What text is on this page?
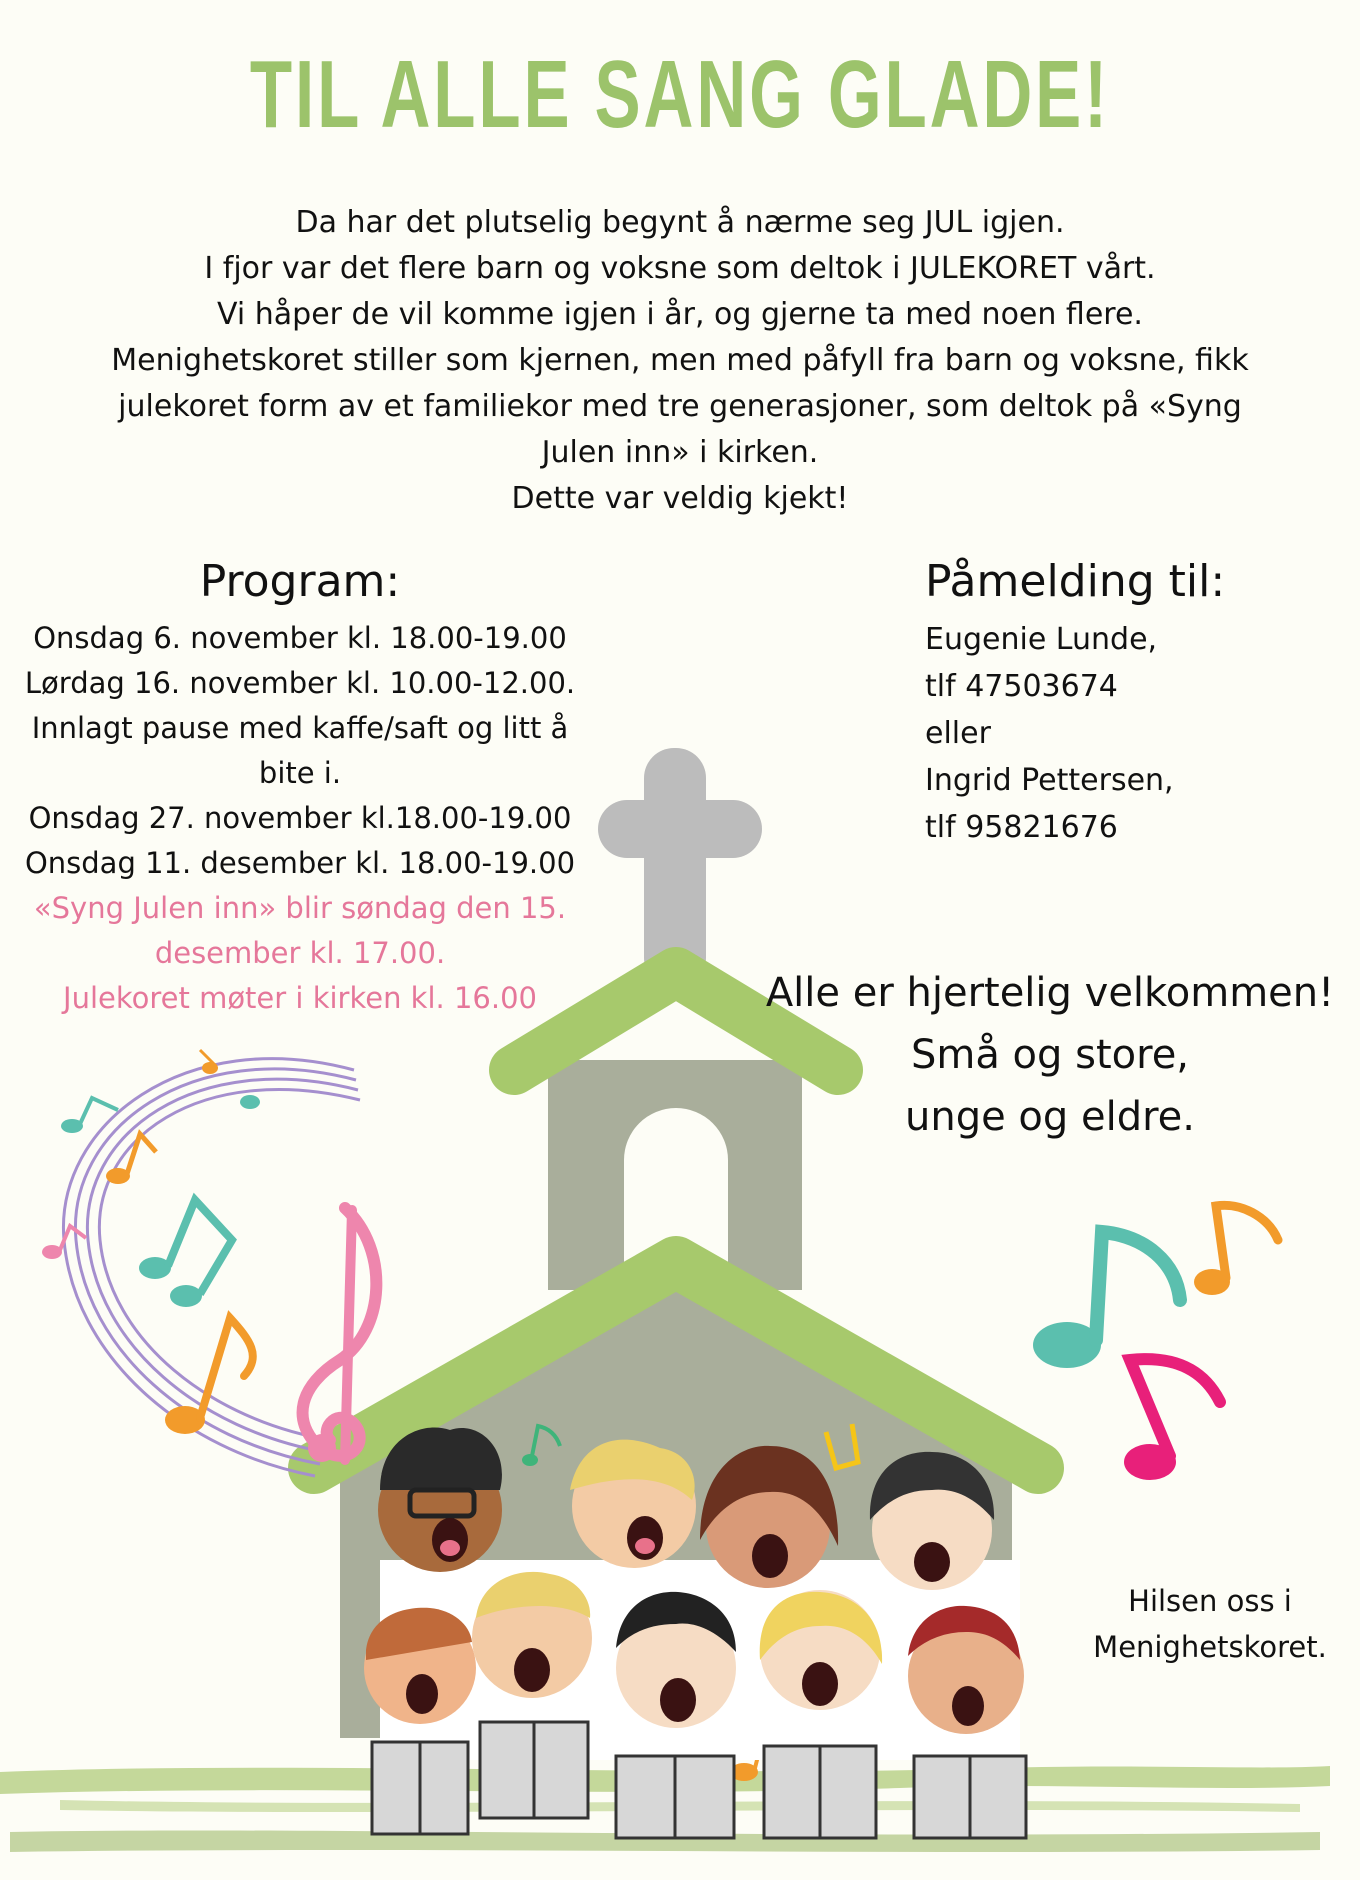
TIL ALLE SANG GLADE!
Da har det plutselig begynt å nærme seg JUL igjen.
I fjor var det flere barn og voksne som deltok i JULEKORET vårt.
Vi håper de vil komme igjen i år, og gjerne ta med noen flere.
Menighetskoret stiller som kjernen, men med påfyll fra barn og voksne, fikk
julekoret form av et familiekor med tre generasjoner, som deltok på «Syng
Julen inn» i kirken.
Dette var veldig kjekt!
Program:
Onsdag 6. november kl. 18.00-19.00
Lørdag 16. november kl. 10.00-12.00.
Innlagt pause med kaffe/saft og litt å
bite i.
Onsdag 27. november kl.18.00-19.00
Onsdag 11. desember kl. 18.00-19.00
«Syng Julen inn» blir søndag den 15.
desember kl. 17.00.
Julekoret møter i kirken kl. 16.00
Påmelding til:
Eugenie Lunde,
tlf 47503674
eller
Ingrid Pettersen,
tlf 95821676
Alle er hjertelig velkommen!
Små og store,
unge og eldre.
Hilsen oss i
Menighetskoret.
